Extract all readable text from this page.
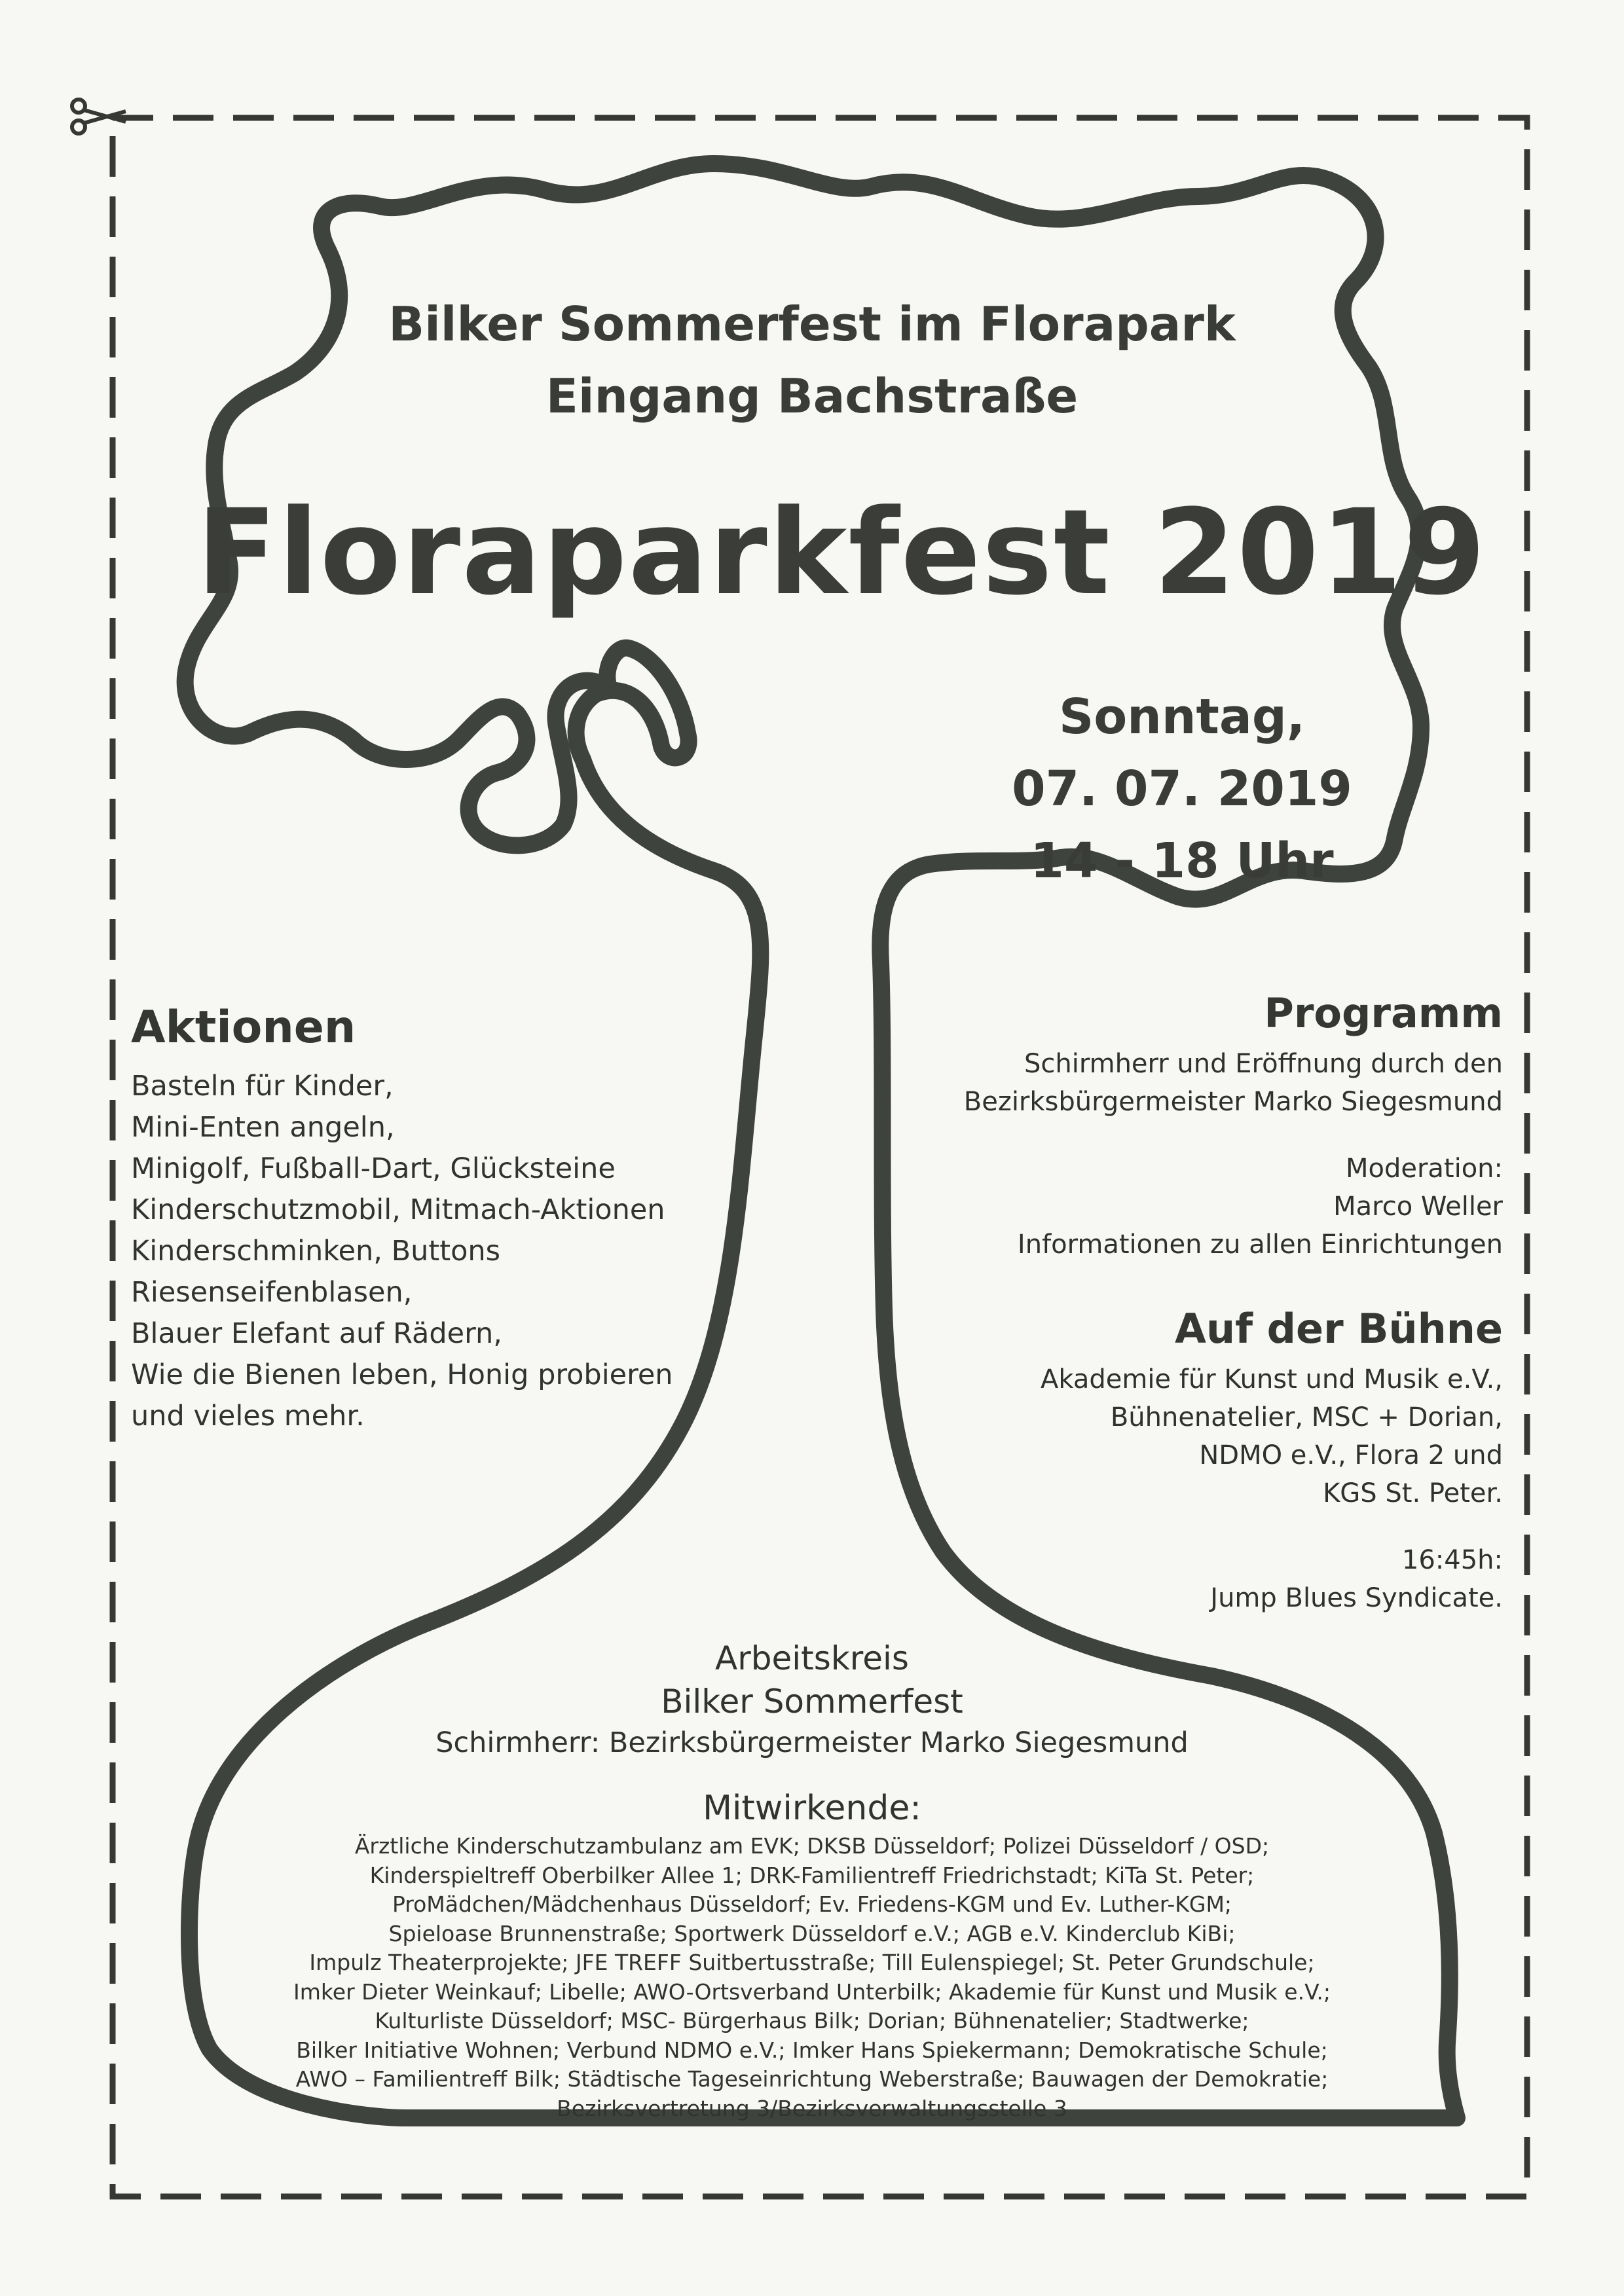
Bilker Sommerfest im Florapark
Eingang Bachstraße
Floraparkfest 2019
Sonntag,
07. 07. 2019
14 - 18 Uhr
Aktionen
Basteln für Kinder,
Mini-Enten angeln,
Minigolf, Fußball-Dart, Glücksteine
Kinderschutzmobil, Mitmach-Aktionen
Kinderschminken, Buttons
Riesenseifenblasen,
Blauer Elefant auf Rädern,
Wie die Bienen leben, Honig probieren
und vieles mehr.
Programm
Schirmherr und Eröffnung durch den
Bezirksbürgermeister Marko Siegesmund
Moderation:
Marco Weller
Informationen zu allen Einrichtungen
Auf der Bühne
Akademie für Kunst und Musik e.V.,
Bühnenatelier, MSC + Dorian,
NDMO e.V., Flora 2 und
KGS St. Peter.
16:45h:
Jump Blues Syndicate.
Arbeitskreis
Bilker Sommerfest
Schirmherr: Bezirksbürgermeister Marko Siegesmund
Mitwirkende:
Ärztliche Kinderschutzambulanz am EVK; DKSB Düsseldorf; Polizei Düsseldorf / OSD;
Kinderspieltreff Oberbilker Allee 1; DRK-Familientreff Friedrichstadt; KiTa St. Peter;
ProMädchen/Mädchenhaus Düsseldorf; Ev. Friedens-KGM und Ev. Luther-KGM;
Spieloase Brunnenstraße; Sportwerk Düsseldorf e.V.; AGB e.V. Kinderclub KiBi;
Impulz Theaterprojekte; JFE TREFF Suitbertusstraße; Till Eulenspiegel; St. Peter Grundschule;
Imker Dieter Weinkauf; Libelle; AWO-Ortsverband Unterbilk; Akademie für Kunst und Musik e.V.;
Kulturliste Düsseldorf; MSC- Bürgerhaus Bilk; Dorian; Bühnenatelier; Stadtwerke;
Bilker Initiative Wohnen; Verbund NDMO e.V.; Imker Hans Spiekermann; Demokratische Schule;
AWO – Familientreff Bilk; Städtische Tageseinrichtung Weberstraße; Bauwagen der Demokratie;
Bezirksvertretung 3/Bezirksverwaltungsstelle 3
